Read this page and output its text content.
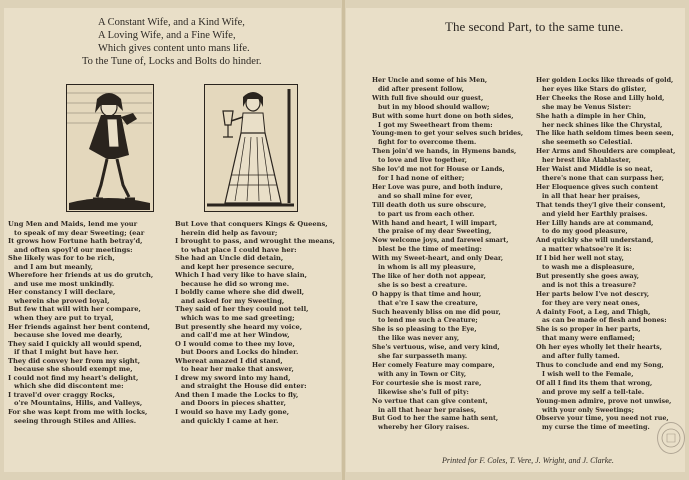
A Constant Wife, and a Kind Wife,
A Loving Wife, and a Fine Wife,
Which gives content unto mans life.
To the Tune of, Locks and Bolts do hinder.
Ung Men and Maids, lend me your
to speak of my dear Sweeting; (ear
It grows how Fortune hath betray'd,
and often spoyl'd our meetings:
She likely was for to be rich,
and I am but meanly,
Wherefore her friends at us do grutch,
and use me most unkindly.
Her constancy I will declare,
wherein she proved loyal,
But few that will with her compare,
when they are put to tryal,
Her friends against her bent contend,
because she loved me dearly,
They said I quickly all would spend,
if that I might but have her.
They did convey her from my sight,
because she should exempt me,
I could not find my heart's delight,
which she did discontent me:
I travel'd over craggy Rocks,
o're Mountains, Hills, and Valleys,
For she was kept from me with locks,
seeing through Stiles and Allies.
But Love that conquers Kings & Queens,
herein did help as favour;
I brought to pass, and wrought the means,
to what place I could have her:
She had an Uncle did detain,
and kept her presence secure,
Which I had very like to have slain,
because he did so wrong me.
I boldly came where she did dwell,
and asked for my Sweeting,
They said of her they could not tell,
which was to me sad greeting;
But presently she heard my voice,
and call'd me at her Window,
O I would come to thee my love,
but Doors and Locks do hinder.
Whereat amazed I did stand,
to hear her make that answer,
I drew my sword into my hand,
and straight the House did enter:
And then I made the Locks to fly,
and Doors in pieces shatter,
I would so have my Lady gone,
and quickly I came at her.
The second Part, to the same tune.
Her Uncle and some of his Men,
did after present follow,
With full five should our guest,
but in my blood should wallow;
But with some hurt done on both sides,
I got my Sweetheart from them:
Young-men to get your selves such brides,
fight for to overcome them.
Then join'd we hands, in Hymens bands,
to love and live together,
She lov'd me not for House or Lands,
for I had none of either;
Her Love was pure, and both indure,
and so shall mine for ever,
Till death doth us sure obscure,
to part us from each other.
With hand and heart, I will impart,
the praise of my dear Sweeting,
Now welcome joys, and farewel smart,
blest be the time of meeting:
With my Sweet-heart, and only Dear,
in whom is all my pleasure,
The like of her doth not appear,
she is so best a creature.
O happy is that time and hour,
that e're I saw the creature,
Such heavenly bliss on me did pour,
to lend me such a Creature;
She is so pleasing to the Eye,
the like was never any,
She's vertuous, wise, and very kind,
she far surpasseth many.
Her comely Feature may compare,
with any in Town or City,
For courtesie she is most rare,
likewise she's full of pity:
No vertue that can give content,
in all that hear her praises,
But God to her the same hath sent,
whereby her Glory raises.
Her golden Locks like threads of gold,
her eyes like Stars do glister,
Her Cheeks the Rose and Lilly hold,
she may be Venus Sister:
She hath a dimple in her Chin,
her neck shines like the Chrystal,
The like hath seldom times been seen,
she seemeth so Celestial.
Her Arms and Shoulders are compleat,
her brest like Alablaster,
Her Waist and Middle is so neat,
there's none that can surpass her,
Her Eloquence gives such content
in all that hear her praises,
That tends they'l give their consent,
and yield her Earthly praises.
Her Lilly hands are at command,
to do my good pleasure,
And quickly she will understand,
a matter whatsoe're it is:
If I bid her well not stay,
to wash me a displeasure,
But presently she goes away,
and is not this a treasure?
Her parts below I've not descry,
for they are very neat ones,
A dainty Foot, a Leg, and Thigh,
as can be made of flesh and bones:
She is so proper in her parts,
that many were enflamed;
Oh her eyes wholly let their hearts,
and after fully tamed.
Thus to conclude and end my Song,
I wish well to the Female,
Of all I find its them that wrong,
and prove my self a tell-tale.
Young-men admire, prove not unwise,
with your only Sweetings;
Observe your time, you need not rue,
my curse the time of meeting.
Printed for F. Coles, T. Vere, J. Wright, and J. Clarke.
